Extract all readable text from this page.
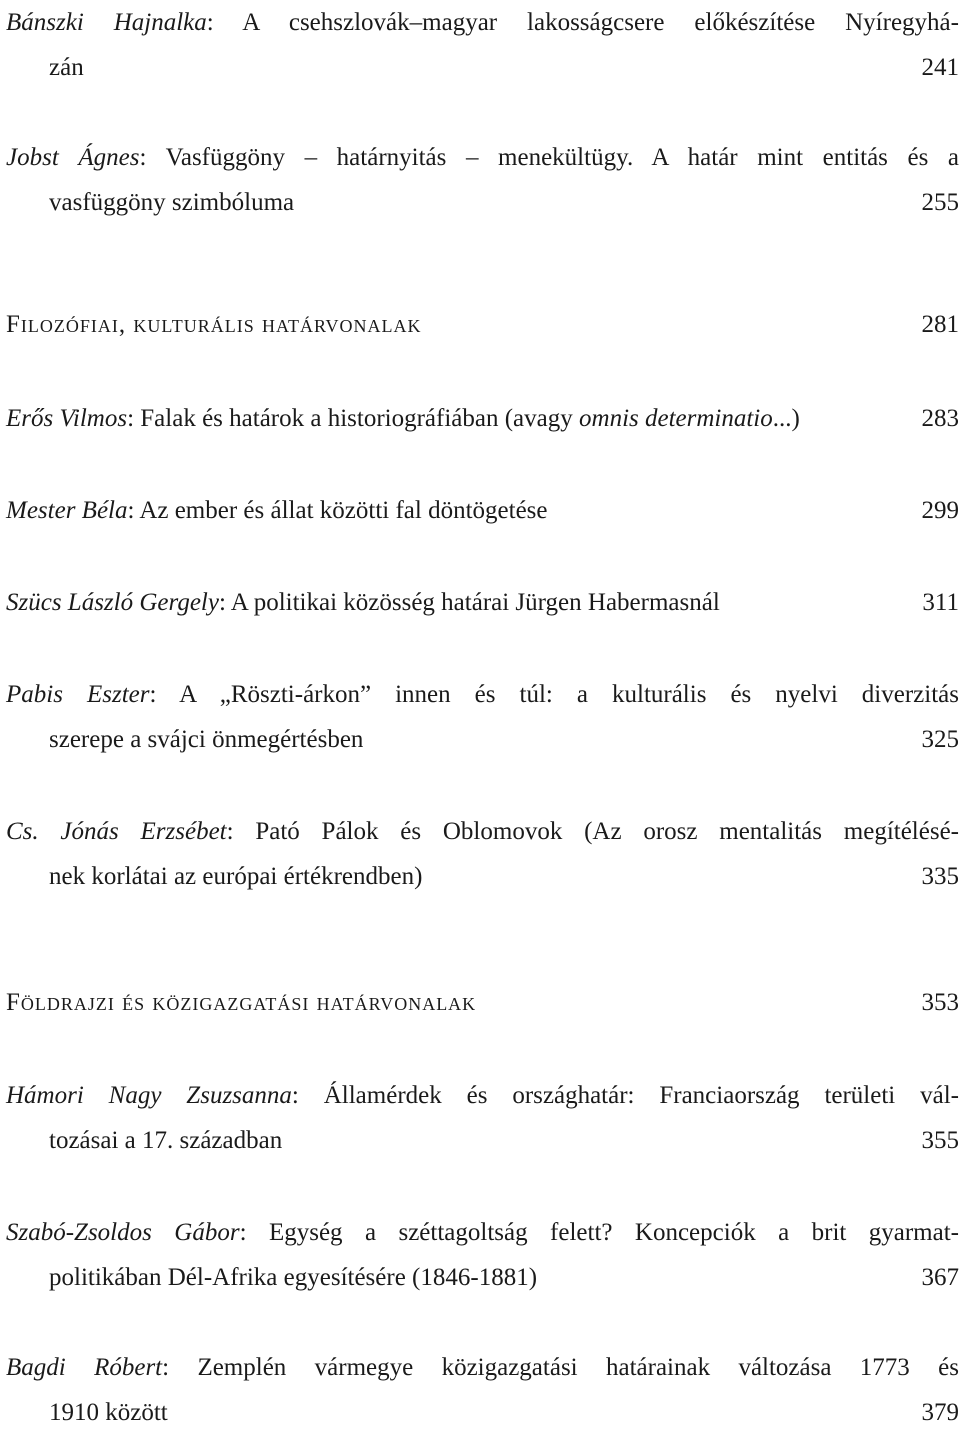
Bánszki Hajnalka: A csehszlovák–magyar lakosságcsere előkészítése Nyíregyhá-
zán	241
Jobst Ágnes: Vasfüggöny – határnyitás – menekültügy. A határ mint entitás és a
vasfüggöny szimbóluma	255
Filozófiai, kulturális határvonalak	281
Erős Vilmos: Falak és határok a historiográfiában (avagy omnis determinatio...)	283
Mester Béla: Az ember és állat közötti fal döntögetése	299
Szücs László Gergely: A politikai közösség határai Jürgen Habermasnál	311
Pabis Eszter: A „Röszti-árkon” innen és túl: a kulturális és nyelvi diverzitás
szerepe a svájci önmegértésben	325
Cs. Jónás Erzsébet: Pató Pálok és Oblomovok (Az orosz mentalitás megítélésé-
nek korlátai az európai értékrendben)	335
Földrajzi és közigazgatási határvonalak	353
Hámori Nagy Zsuzsanna: Államérdek és országhatár: Franciaország területi vál-
tozásai a 17. században	355
Szabó-Zsoldos Gábor: Egység a széttagoltság felett? Koncepciók a brit gyarmat-
politikában Dél-Afrika egyesítésére (1846-1881)	367
Bagdi Róbert: Zemplén vármegye közigazgatási határainak változása 1773 és
1910 között	379
